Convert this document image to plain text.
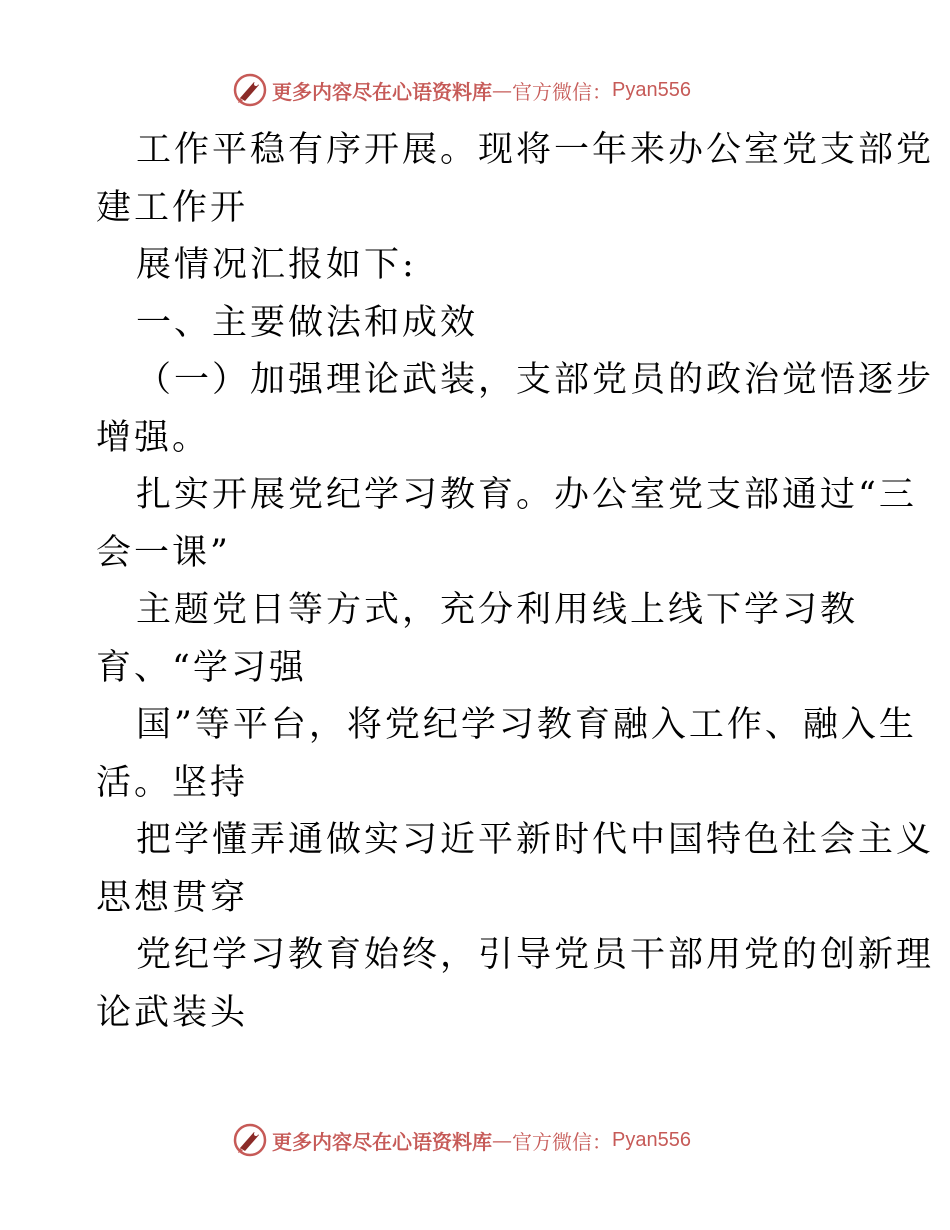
更多内容尽在心语资料库 — 官方微信： Pyan556
工作平稳有序开展。现将一年来办公室党支部党
建工作开
展情况汇报如下:
一、主要做法和成效
（一）加强理论武装，支部党员的政治觉悟逐步
增强。
扎实开展党纪学习教育。办公室党支部通过“三
会一课”
主题党日等方式，充分利用线上线下学习教
育、“学习强
国”等平台，将党纪学习教育融入工作、融入生
活。坚持
把学懂弄通做实习近平新时代中国特色社会主义
思想贯穿
党纪学习教育始终，引导党员干部用党的创新理
论武装头
更多内容尽在心语资料库 — 官方微信： Pyan556
